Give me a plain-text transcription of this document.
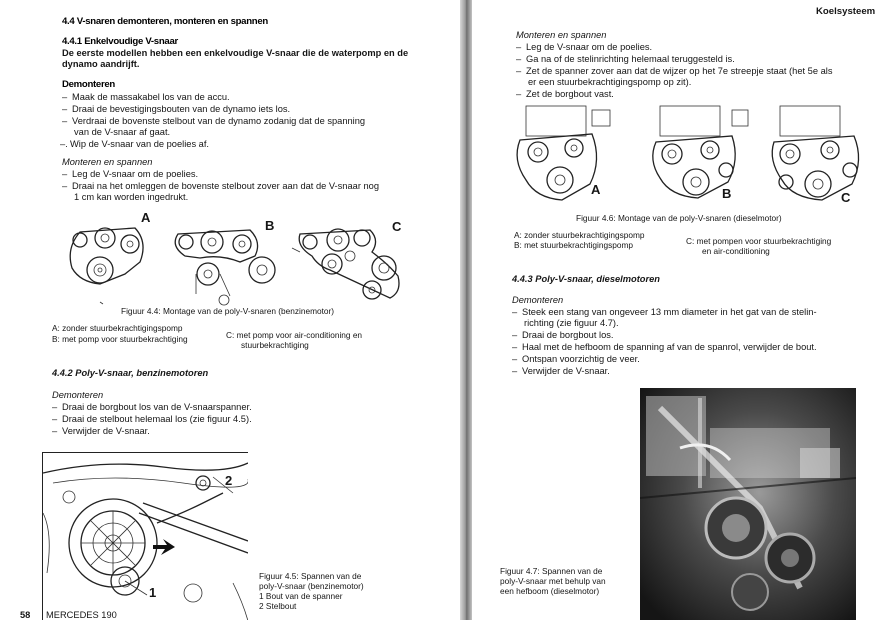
4.4 V-snaren demonteren, monteren en spannen
4.4.1 Enkelvoudige V-snaar
De eerste modellen hebben een enkelvoudige V-snaar die de waterpomp en de
dynamo aandrijft.
Demonteren
– Maak de massakabel los van de accu.
– Draai de bevestigingsbouten van de dynamo iets los.
– Verdraai de bovenste stelbout van de dynamo zodanig dat de spanning
van de V-snaar af gaat.
–. Wip de V-snaar van de poelies af.
Monteren en spannen
– Leg de V-snaar om de poelies.
– Draai na het omleggen de bovenste stelbout zover aan dat de V-snaar nog
1 cm kan worden ingedrukt.
A
B	C
Figuur 4.4: Montage van de poly-V-snaren (benzinemotor)
A: zonder stuurbekrachtigingspomp
B: met pomp voor stuurbekrachtiging	C: met pomp voor air-conditioning en
stuurbekrachtiging
4.4.2 Poly-V-snaar, benzinemotoren
Demonteren
– Draai de borgbout los van de V-snaarspanner.
– Draai de stelbout helemaal los (zie figuur 4.5).
– Verwijder de V-snaar.
2
1
Figuur 4.5: Spannen van de
poly-V-snaar (benzinemotor)
1 Bout van de spanner
2 Stelbout
58 MERCEDES 190
Koelsysteem
Monteren en spannen
– Leg de V-snaar om de poelies.
– Ga na of de stelinrichting helemaal teruggesteld is.
– Zet de spanner zover aan dat de wijzer op het 7e streepje staat (het 5e als
er een stuurbekrachtigingspomp op zit).
– Zet de borgbout vast.
A	B	C
Figuur 4.6: Montage van de poly-V-snaren (dieselmotor)
A: zonder stuurbekrachtigingspomp
B: met stuurbekrachtigingspomp	C: met pompen voor stuurbekrachtiging
en air-conditioning
4.4.3 Poly-V-snaar, dieselmotoren
Demonteren
– Steek een stang van ongeveer 13 mm diameter in het gat van de stelin-
richting (zie figuur 4.7).
– Draai de borgbout los.
– Haal met de hefboom de spanning af van de spanrol, verwijder de bout.
– Ontspan voorzichtig de veer.
– Verwijder de V-snaar.
Figuur 4.7: Spannen van de
poly-V-snaar met behulp van
een hefboom (dieselmotor)
